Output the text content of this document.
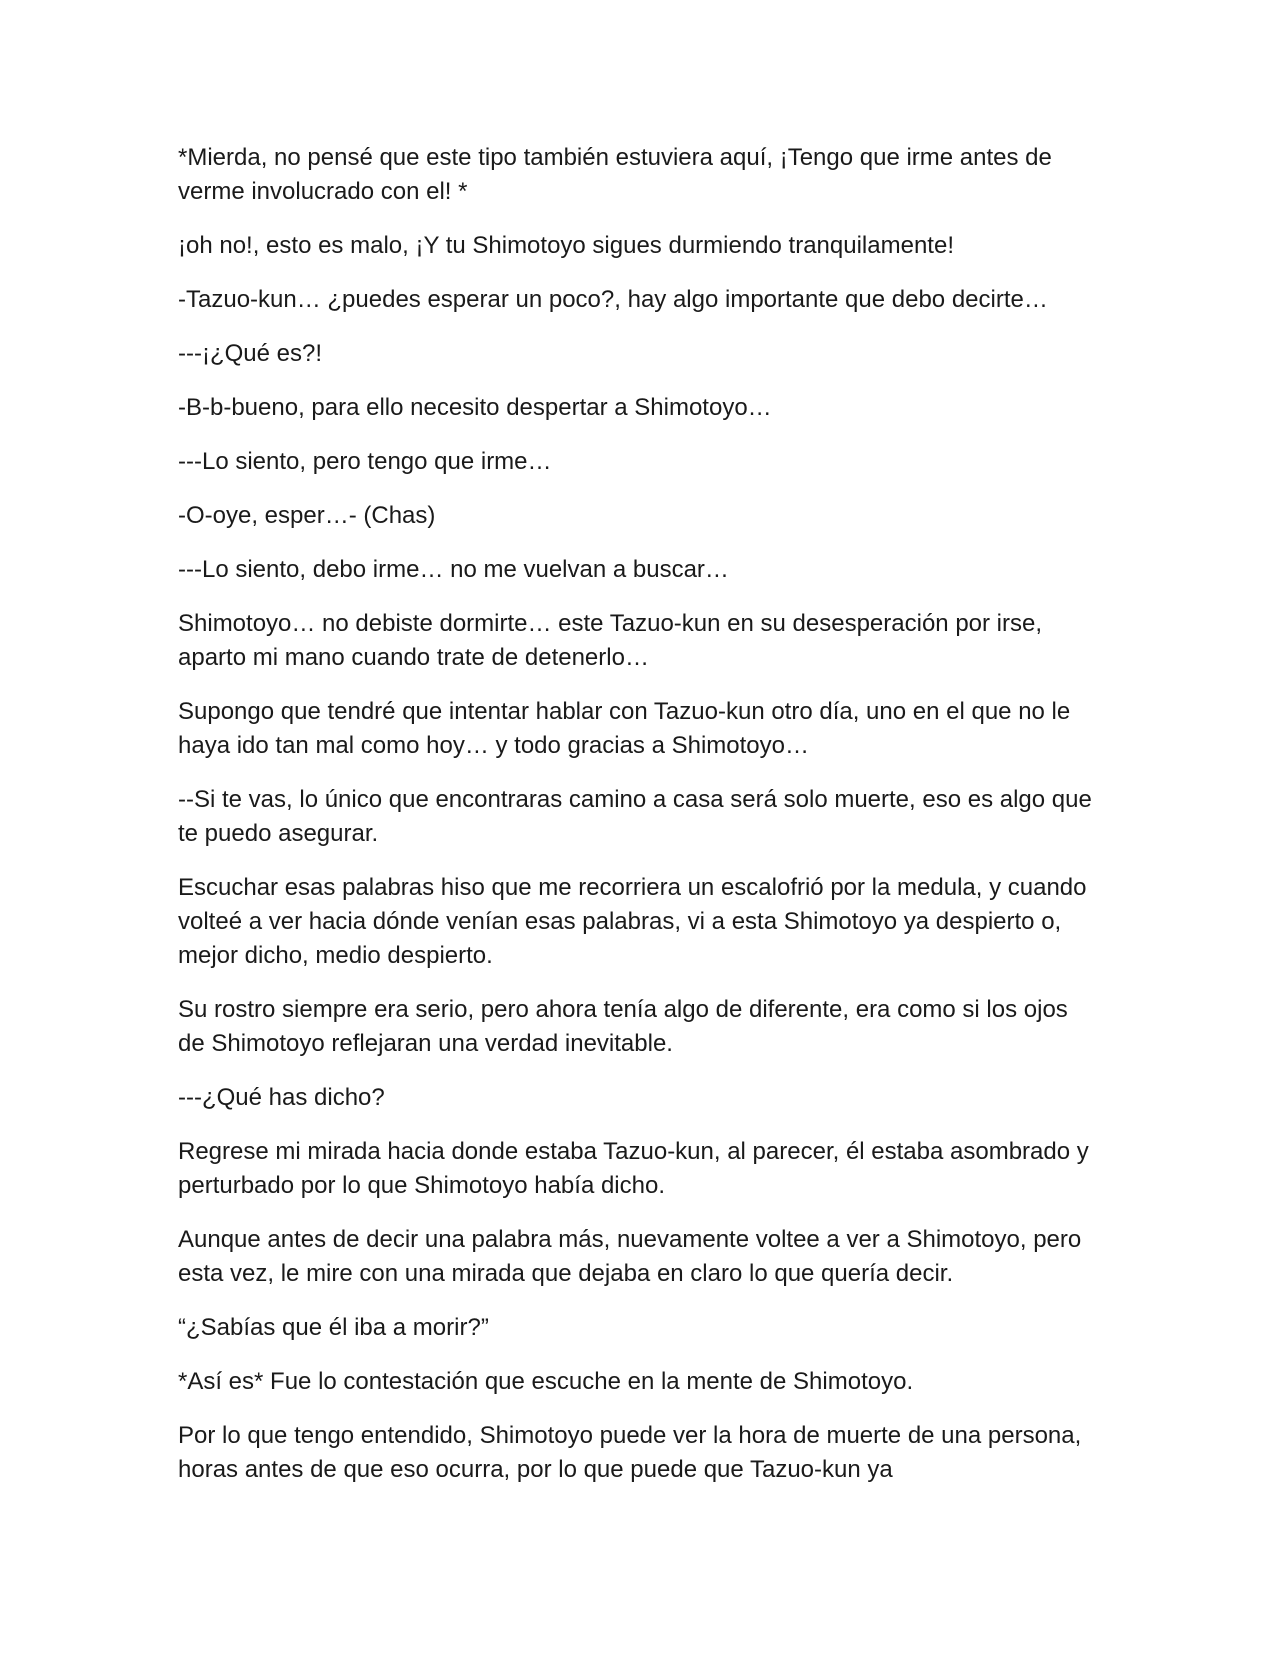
*Mierda, no pensé que este tipo también estuviera aquí, ¡Tengo que irme antes de verme involucrado con el! *

¡oh no!, esto es malo, ¡Y tu Shimotoyo sigues durmiendo tranquilamente!

-Tazuo-kun… ¿puedes esperar un poco?, hay algo importante que debo decirte…

---¡¿Qué es?!

-B-b-bueno, para ello necesito despertar a Shimotoyo…

---Lo siento, pero tengo que irme…

-O-oye, esper…- (Chas)

---Lo siento, debo irme… no me vuelvan a buscar…

Shimotoyo… no debiste dormirte… este Tazuo-kun en su desesperación por irse, aparto mi mano cuando trate de detenerlo…

Supongo que tendré que intentar hablar con Tazuo-kun otro día, uno en el que no le haya ido tan mal como hoy… y todo gracias a Shimotoyo…

--Si te vas, lo único que encontraras camino a casa será solo muerte, eso es algo que te puedo asegurar.

Escuchar esas palabras hiso que me recorriera un escalofrió por la medula, y cuando volteé a ver hacia dónde venían esas palabras, vi a esta Shimotoyo ya despierto o, mejor dicho, medio despierto.

Su rostro siempre era serio, pero ahora tenía algo de diferente, era como si los ojos de Shimotoyo reflejaran una verdad inevitable.

---¿Qué has dicho?

Regrese mi mirada hacia donde estaba Tazuo-kun, al parecer, él estaba asombrado y perturbado por lo que Shimotoyo había dicho.

Aunque antes de decir una palabra más, nuevamente voltee a ver a Shimotoyo, pero esta vez, le mire con una mirada que dejaba en claro lo que quería decir.

“¿Sabías que él iba a morir?”

*Así es* Fue lo contestación que escuche en la mente de Shimotoyo.

Por lo que tengo entendido, Shimotoyo puede ver la hora de muerte de una persona, horas antes de que eso ocurra, por lo que puede que Tazuo-kun ya
